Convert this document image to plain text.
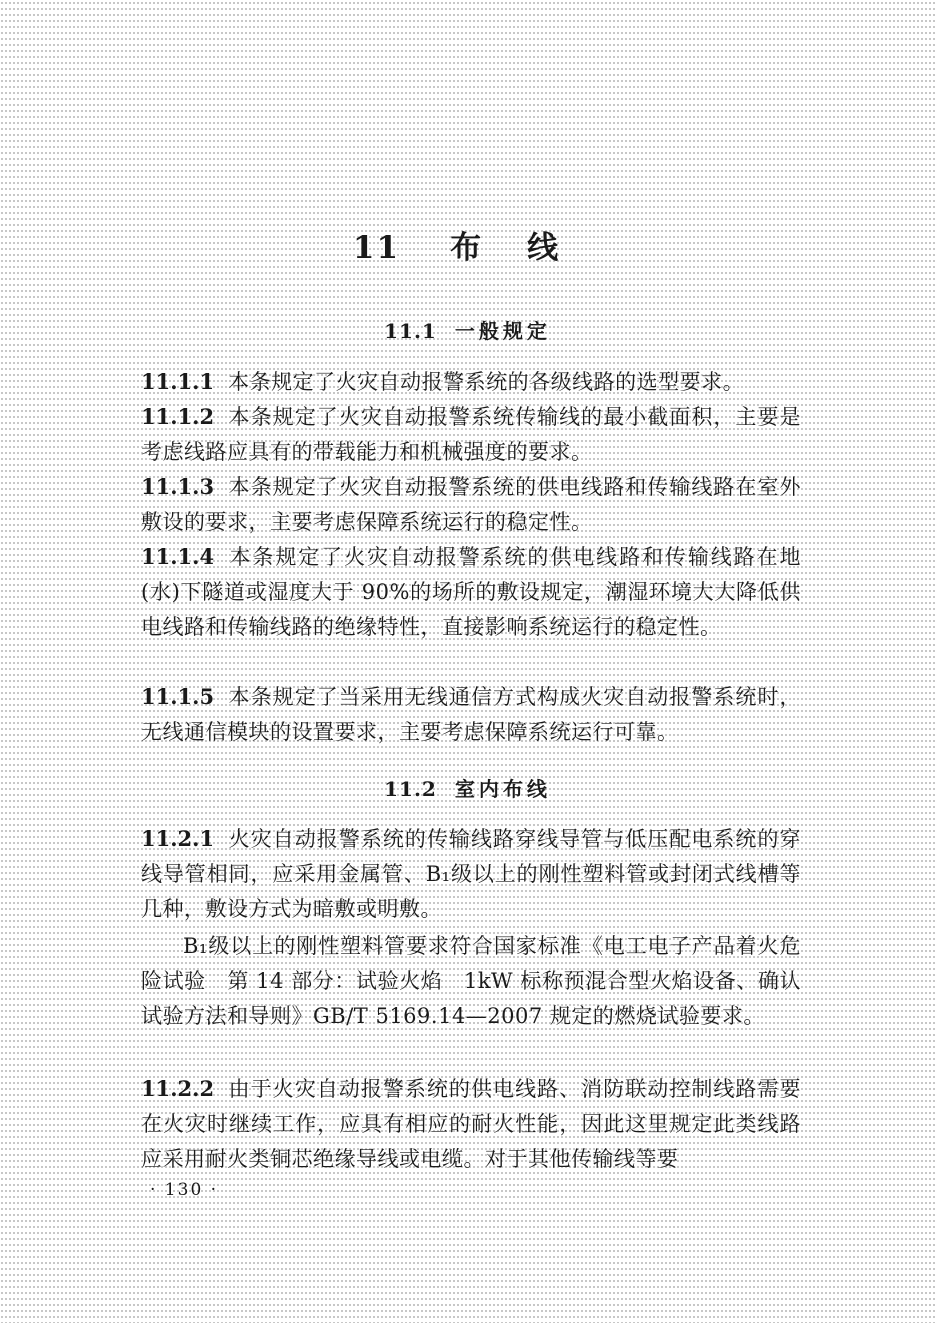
11 布 线
11.1 一般规定
11.1.1 本条规定了火灾自动报警系统的各级线路的选型要求。
11.1.2 本条规定了火灾自动报警系统传输线的最小截面积，主要是考虑线路应具有的带载能力和机械强度的要求。
11.1.3 本条规定了火灾自动报警系统的供电线路和传输线路在室外敷设的要求，主要考虑保障系统运行的稳定性。
11.1.4 本条规定了火灾自动报警系统的供电线路和传输线路在地(水)下隧道或湿度大于 90%的场所的敷设规定，潮湿环境大大降低供电线路和传输线路的绝缘特性，直接影响系统运行的稳定性。
11.1.5 本条规定了当采用无线通信方式构成火灾自动报警系统时，无线通信模块的设置要求，主要考虑保障系统运行可靠。
11.2 室内布线
11.2.1 火灾自动报警系统的传输线路穿线导管与低压配电系统的穿线导管相同，应采用金属管、B₁级以上的刚性塑料管或封闭式线槽等几种，敷设方式为暗敷或明敷。
B₁级以上的刚性塑料管要求符合国家标准《电工电子产品着火危险试验　第 14 部分：试验火焰　1kW 标称预混合型火焰设备、确认试验方法和导则》GB/T 5169.14—2007 规定的燃烧试验要求。
11.2.2 由于火灾自动报警系统的供电线路、消防联动控制线路需要在火灾时继续工作，应具有相应的耐火性能，因此这里规定此类线路应采用耐火类铜芯绝缘导线或电缆。对于其他传输线等要
· 130 ·
